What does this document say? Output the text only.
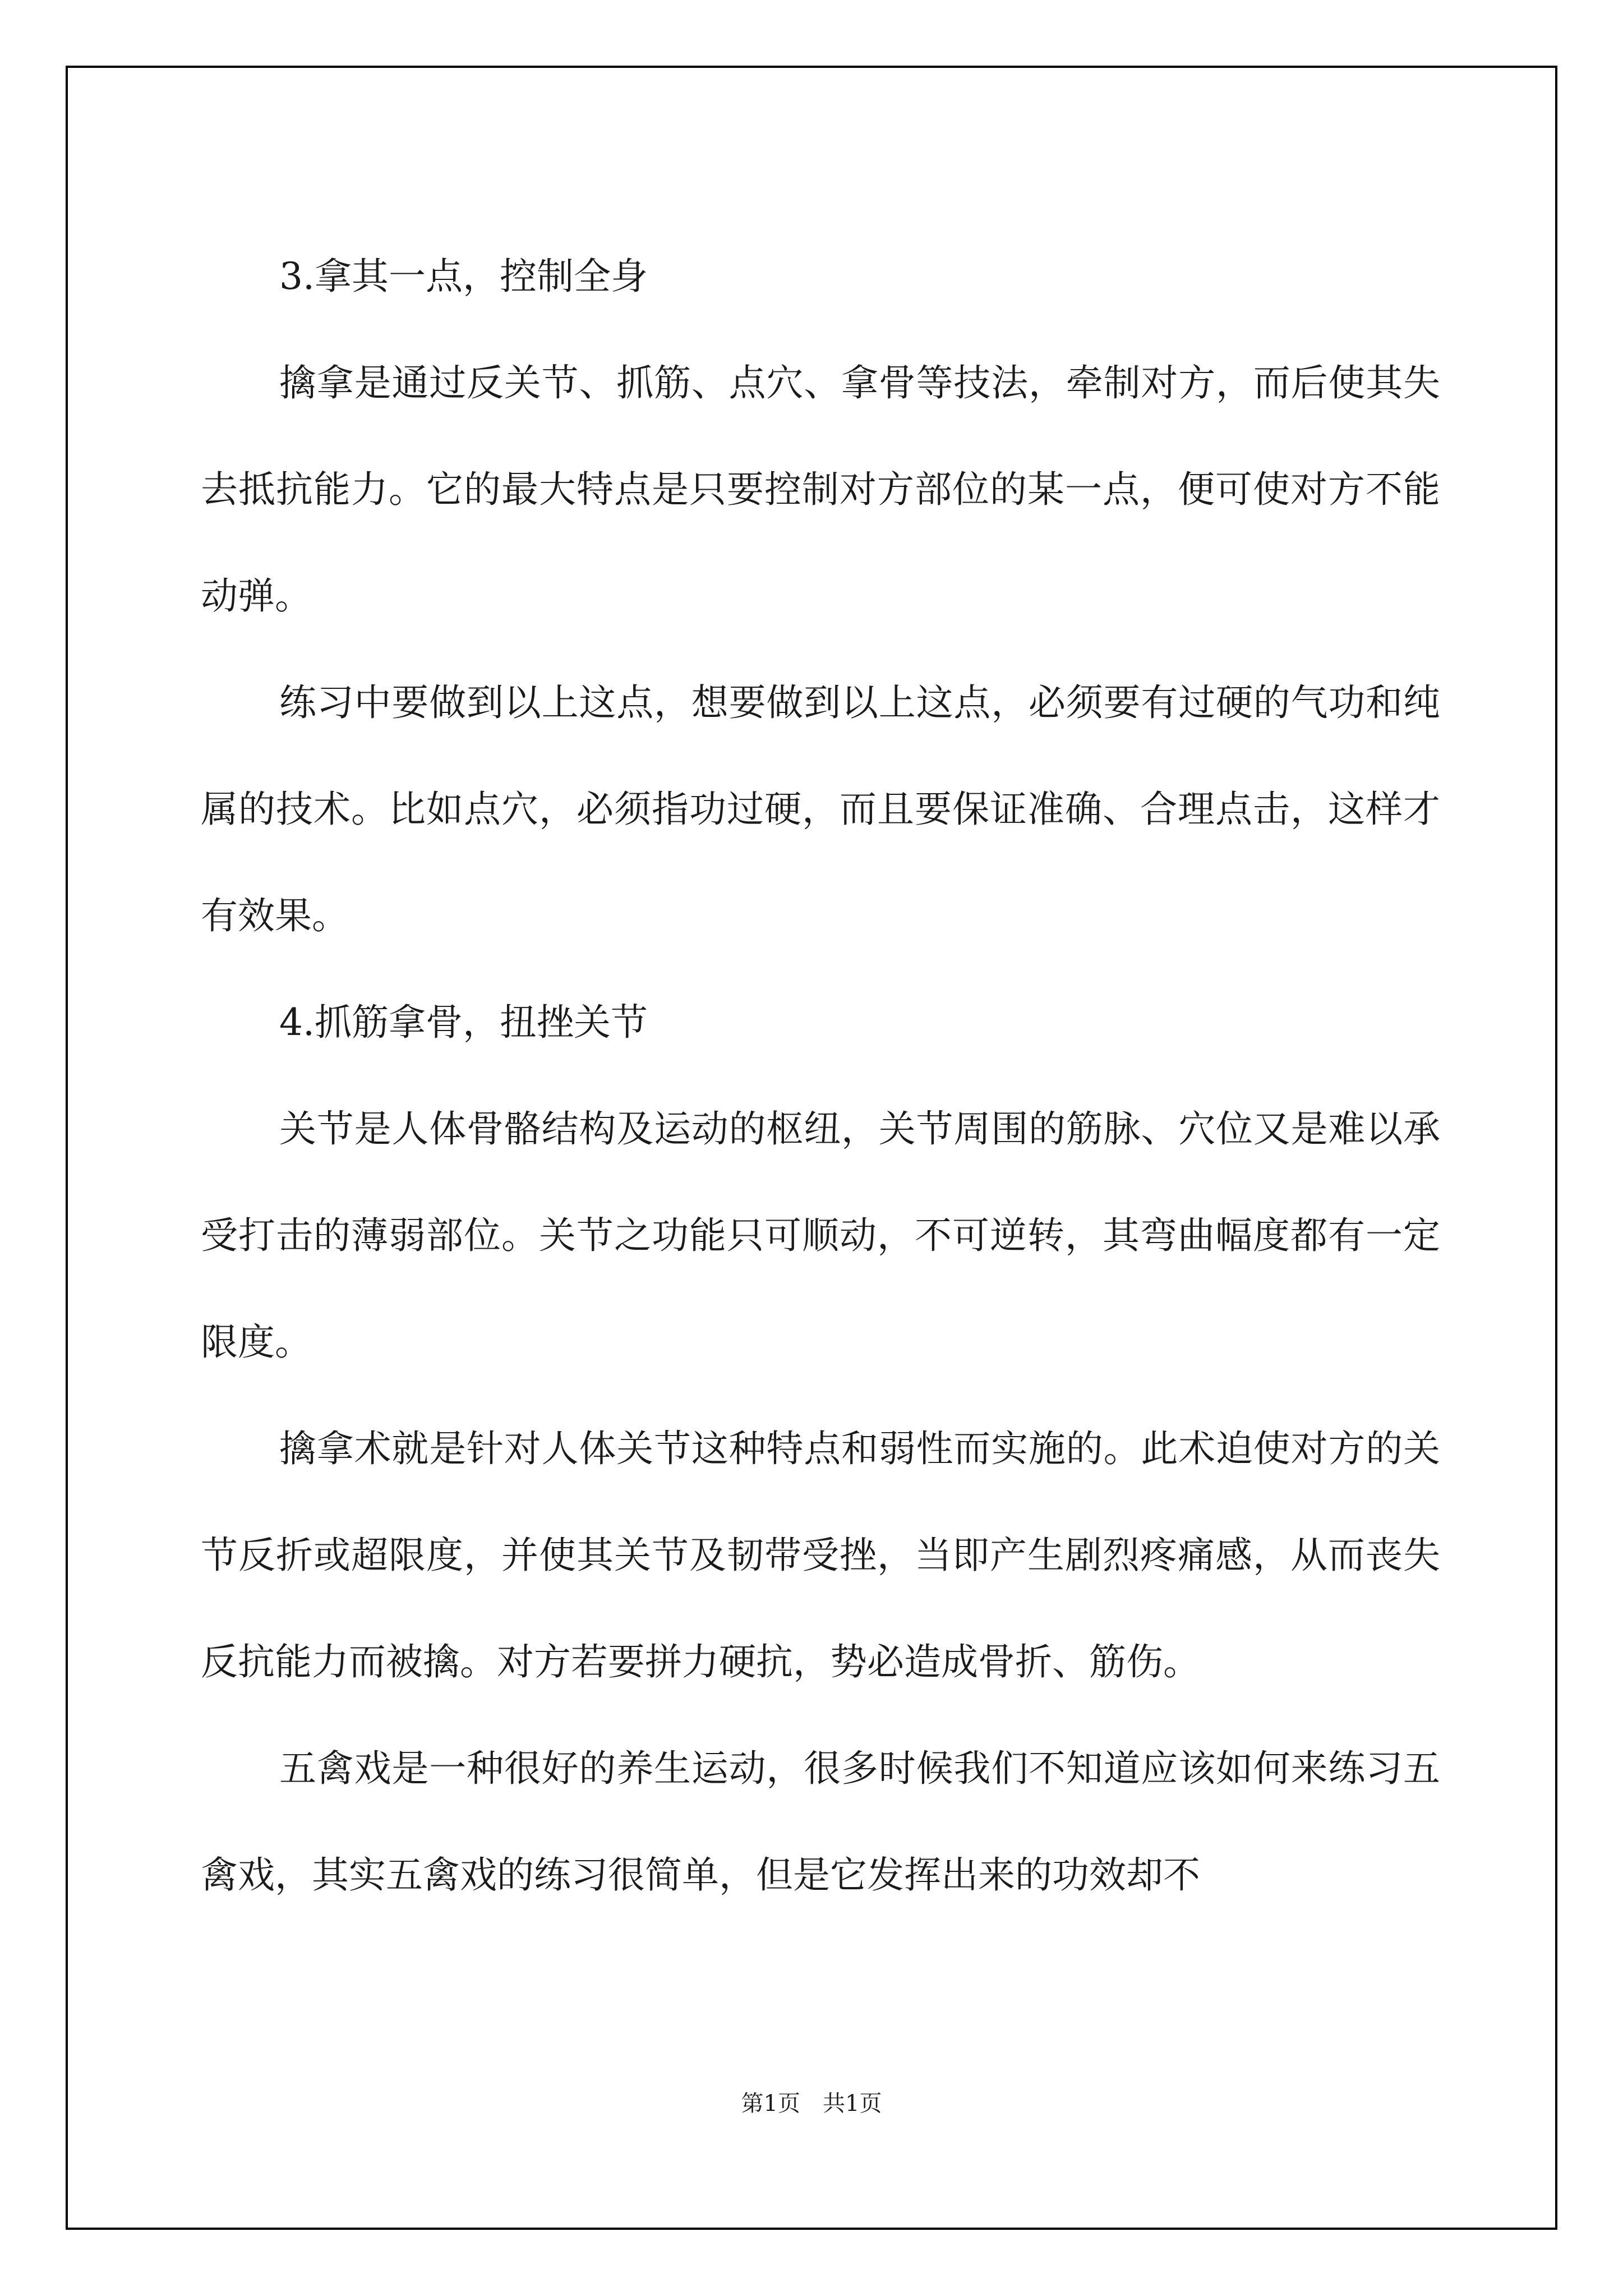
3.拿其一点，控制全身

擒拿是通过反关节、抓筋、点穴、拿骨等技法，牵制对方，而后使其失去抵抗能力。它的最大特点是只要控制对方部位的某一点，便可使对方不能动弹。

练习中要做到以上这点，想要做到以上这点，必须要有过硬的气功和纯属的技术。比如点穴，必须指功过硬，而且要保证准确、合理点击，这样才有效果。

4.抓筋拿骨，扭挫关节

关节是人体骨骼结构及运动的枢纽，关节周围的筋脉、穴位又是难以承受打击的薄弱部位。关节之功能只可顺动，不可逆转，其弯曲幅度都有一定限度。

擒拿术就是针对人体关节这种特点和弱性而实施的。此术迫使对方的关节反折或超限度，并使其关节及韧带受挫，当即产生剧烈疼痛感，从而丧失反抗能力而被擒。对方若要拼力硬抗，势必造成骨折、筋伤。

五禽戏是一种很好的养生运动，很多时候我们不知道应该如何来练习五禽戏，其实五禽戏的练习很简单，但是它发挥出来的功效却不

第1页　共1页
